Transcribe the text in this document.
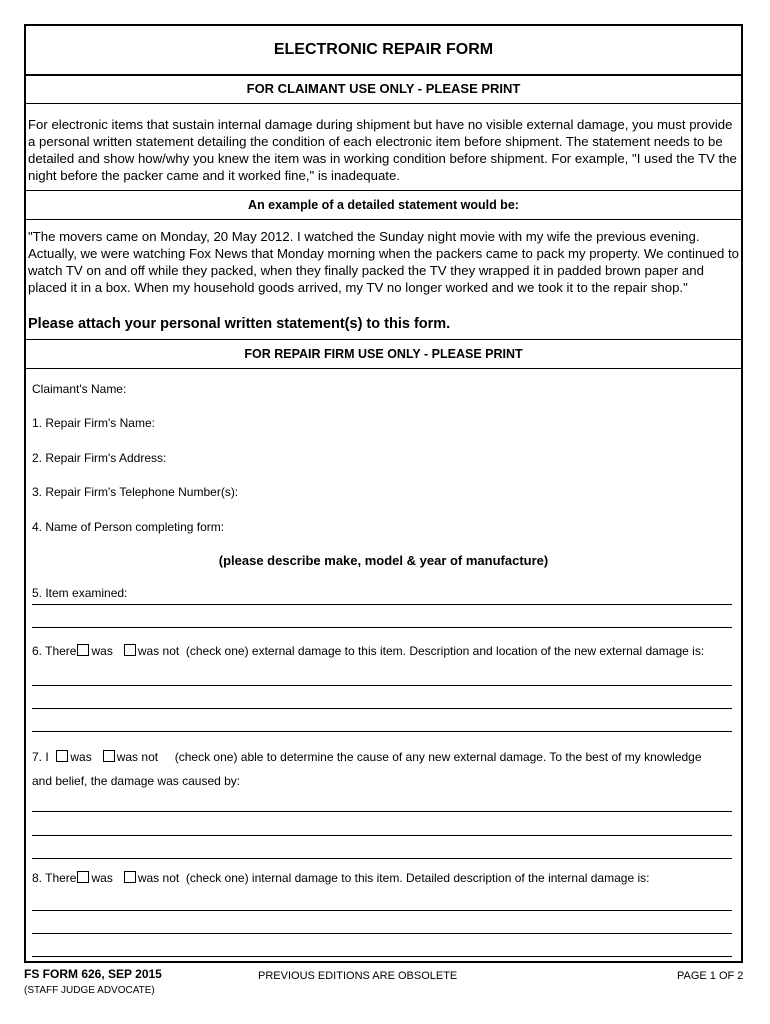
ELECTRONIC REPAIR FORM
FOR CLAIMANT USE ONLY - PLEASE PRINT
For electronic items that sustain internal damage during shipment but have no visible external damage, you must provide a personal written statement detailing the condition of each electronic item before shipment. The statement needs to be detailed and show how/why you knew the item was in working condition before shipment. For example, "I used the TV the night before the packer came and it worked fine," is inadequate.
An example of a detailed statement would be:
"The movers came on Monday, 20 May 2012. I watched the Sunday night movie with my wife the previous evening. Actually, we were watching Fox News that Monday morning when the packers came to pack my property. We continued to watch TV on and off while they packed, when they finally packed the TV they wrapped it in padded brown paper and placed it in a box. When my household goods arrived, my TV no longer worked and we took it to the repair shop."
Please attach your personal written statement(s) to this form.
FOR REPAIR FIRM USE ONLY - PLEASE PRINT
Claimant's Name:
1. Repair Firm's Name:
2. Repair Firm's Address:
3. Repair Firm's Telephone Number(s):
4. Name of Person completing form:
(please describe make, model & year of manufacture)
5. Item examined:
6. There was was not (check one) external damage to this item. Description and location of the new external damage is:
7. I was was not (check one) able to determine the cause of any new external damage. To the best of my knowledge
and belief, the damage was caused by:
8. There was was not (check one) internal damage to this item. Detailed description of the internal damage is:
FS FORM 626, SEP 2015
(STAFF JUDGE ADVOCATE)
PREVIOUS EDITIONS ARE OBSOLETE	PAGE 1 OF 2
